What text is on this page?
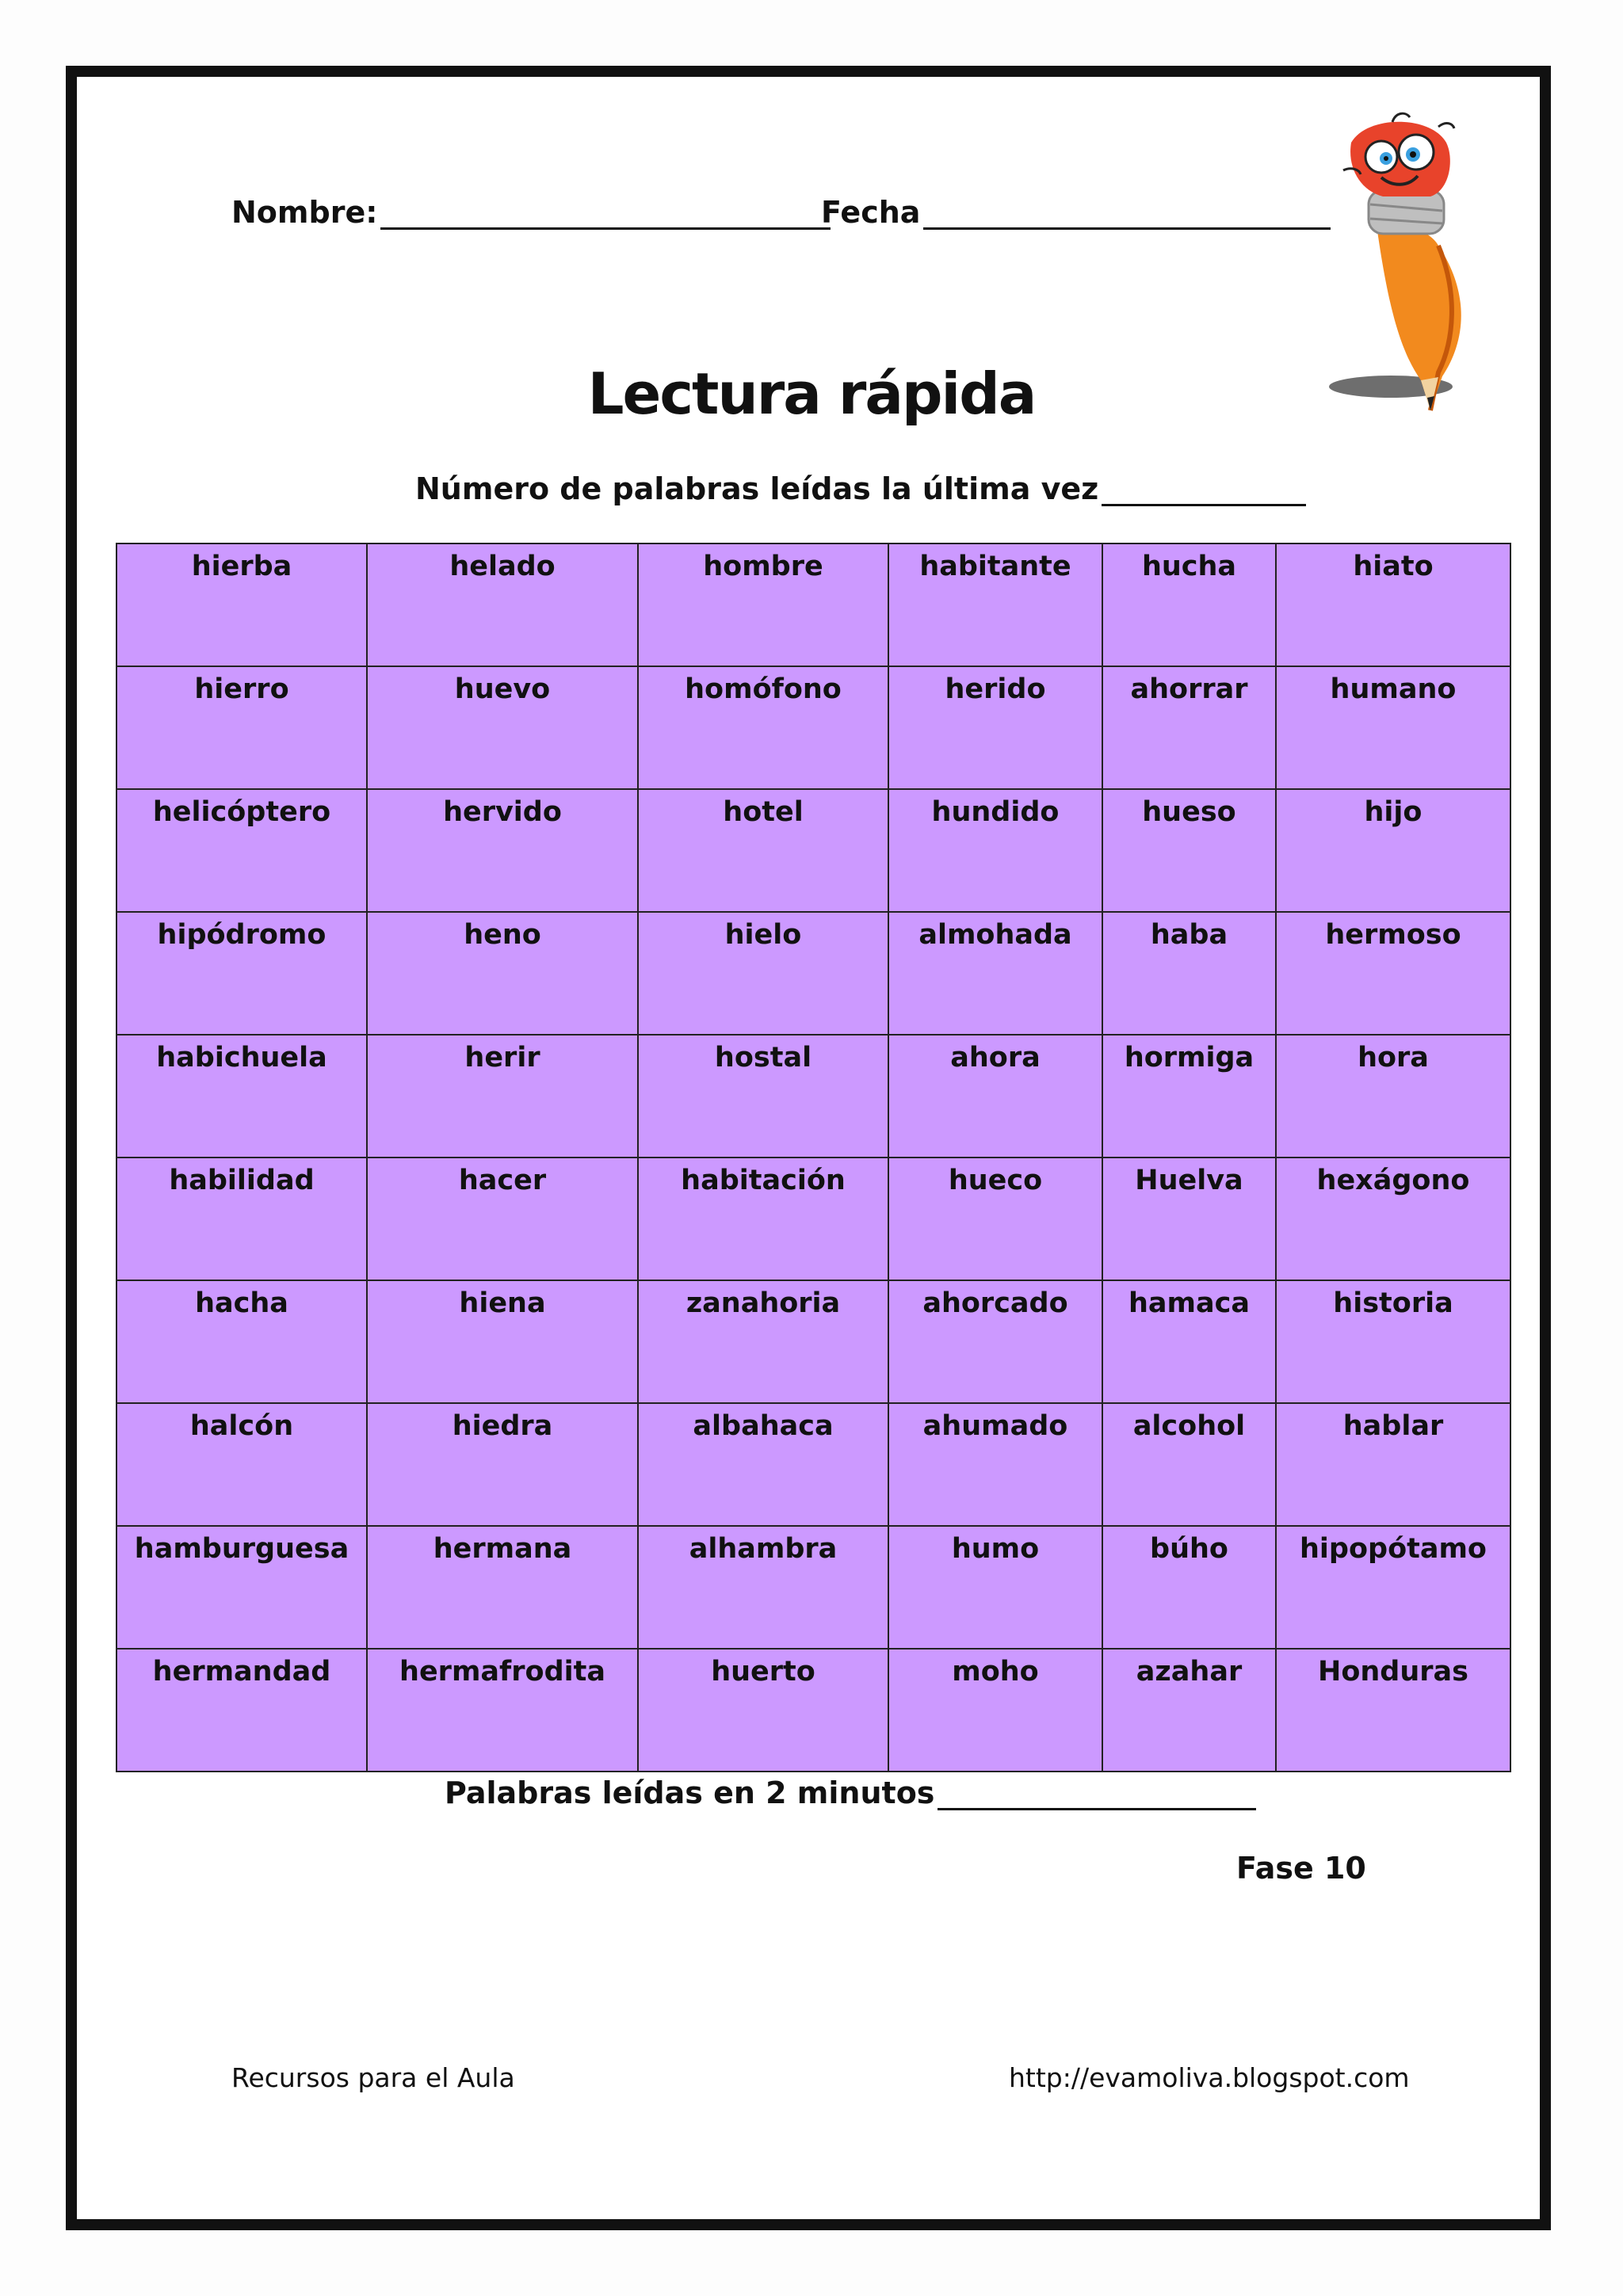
Nombre:	Fecha
Lectura rápida
Número de palabras leídas la última vez
hierba	helado	hombre	habitante	hucha	hiato
hierro	huevo	homófono	herido	ahorrar	humano
helicóptero	hervido	hotel	hundido	hueso	hijo
hipódromo	heno	hielo	almohada	haba	hermoso
habichuela	herir	hostal	ahora	hormiga	hora
habilidad	hacer	habitación	hueco	Huelva	hexágono
hacha	hiena	zanahoria	ahorcado	hamaca	historia
halcón	hiedra	albahaca	ahumado	alcohol	hablar
hamburguesa	hermana	alhambra	humo	búho	hipopótamo
hermandad	hermafrodita	huerto	moho	azahar	Honduras
Palabras leídas en 2 minutos
Fase 10
Recursos para el Aula	http://evamoliva.blogspot.com
